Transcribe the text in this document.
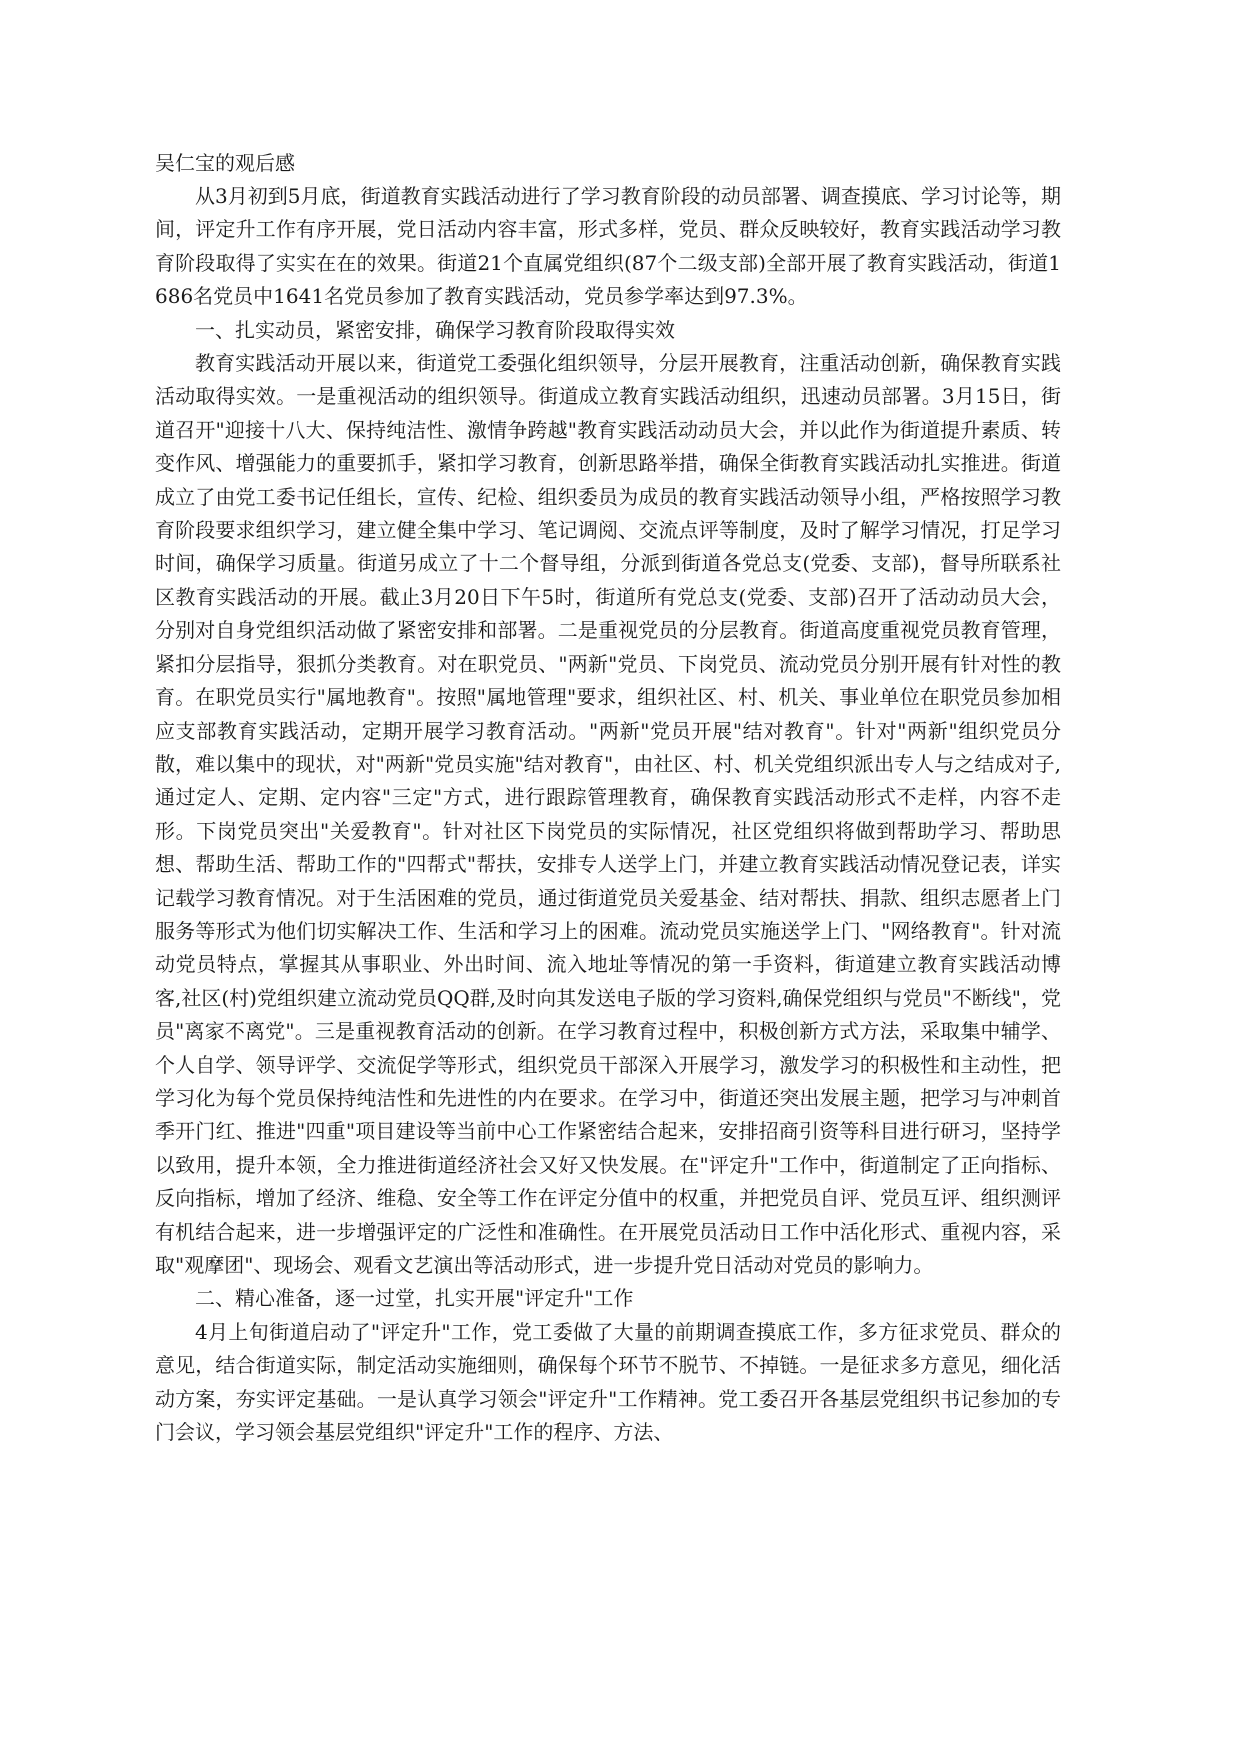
吴仁宝的观后感

从3月初到5月底，街道教育实践活动进行了学习教育阶段的动员部署、调查摸底、学习讨论等，期间，评定升工作有序开展，党日活动内容丰富，形式多样，党员、群众反映较好，教育实践活动学习教育阶段取得了实实在在的效果。街道21个直属党组织(87个二级支部)全部开展了教育实践活动，街道1686名党员中1641名党员参加了教育实践活动，党员参学率达到97.3%。

一、扎实动员，紧密安排，确保学习教育阶段取得实效

教育实践活动开展以来，街道党工委强化组织领导，分层开展教育，注重活动创新，确保教育实践活动取得实效。一是重视活动的组织领导。街道成立教育实践活动组织，迅速动员部署。3月15日，街道召开"迎接十八大、保持纯洁性、激情争跨越"教育实践活动动员大会，并以此作为街道提升素质、转变作风、增强能力的重要抓手，紧扣学习教育，创新思路举措，确保全街教育实践活动扎实推进。街道成立了由党工委书记任组长，宣传、纪检、组织委员为成员的教育实践活动领导小组，严格按照学习教育阶段要求组织学习，建立健全集中学习、笔记调阅、交流点评等制度，及时了解学习情况，打足学习时间，确保学习质量。街道另成立了十二个督导组，分派到街道各党总支(党委、支部)，督导所联系社区教育实践活动的开展。截止3月20日下午5时，街道所有党总支(党委、支部)召开了活动动员大会，分别对自身党组织活动做了紧密安排和部署。二是重视党员的分层教育。街道高度重视党员教育管理，紧扣分层指导，狠抓分类教育。对在职党员、"两新"党员、下岗党员、流动党员分别开展有针对性的教育。在职党员实行"属地教育"。按照"属地管理"要求，组织社区、村、机关、事业单位在职党员参加相应支部教育实践活动，定期开展学习教育活动。"两新"党员开展"结对教育"。针对"两新"组织党员分散，难以集中的现状，对"两新"党员实施"结对教育"，由社区、村、机关党组织派出专人与之结成对子,通过定人、定期、定内容"三定"方式，进行跟踪管理教育，确保教育实践活动形式不走样，内容不走形。下岗党员突出"关爱教育"。针对社区下岗党员的实际情况，社区党组织将做到帮助学习、帮助思想、帮助生活、帮助工作的"四帮式"帮扶，安排专人送学上门，并建立教育实践活动情况登记表，详实记载学习教育情况。对于生活困难的党员，通过街道党员关爱基金、结对帮扶、捐款、组织志愿者上门服务等形式为他们切实解决工作、生活和学习上的困难。流动党员实施送学上门、"网络教育"。针对流动党员特点，掌握其从事职业、外出时间、流入地址等情况的第一手资料，街道建立教育实践活动博客,社区(村)党组织建立流动党员QQ群,及时向其发送电子版的学习资料,确保党组织与党员"不断线"，党员"离家不离党"。三是重视教育活动的创新。在学习教育过程中，积极创新方式方法，采取集中辅学、个人自学、领导评学、交流促学等形式，组织党员干部深入开展学习，激发学习的积极性和主动性，把学习化为每个党员保持纯洁性和先进性的内在要求。在学习中，街道还突出发展主题，把学习与冲刺首季开门红、推进"四重"项目建设等当前中心工作紧密结合起来，安排招商引资等科目进行研习，坚持学以致用，提升本领，全力推进街道经济社会又好又快发展。在"评定升"工作中，街道制定了正向指标、反向指标，增加了经济、维稳、安全等工作在评定分值中的权重，并把党员自评、党员互评、组织测评有机结合起来，进一步增强评定的广泛性和准确性。在开展党员活动日工作中活化形式、重视内容，采取"观摩团"、现场会、观看文艺演出等活动形式，进一步提升党日活动对党员的影响力。

二、精心准备，逐一过堂，扎实开展"评定升"工作

4月上旬街道启动了"评定升"工作，党工委做了大量的前期调查摸底工作，多方征求党员、群众的意见，结合街道实际，制定活动实施细则，确保每个环节不脱节、不掉链。一是征求多方意见，细化活动方案，夯实评定基础。一是认真学习领会"评定升"工作精神。党工委召开各基层党组织书记参加的专门会议，学习领会基层党组织"评定升"工作的程序、方法、
